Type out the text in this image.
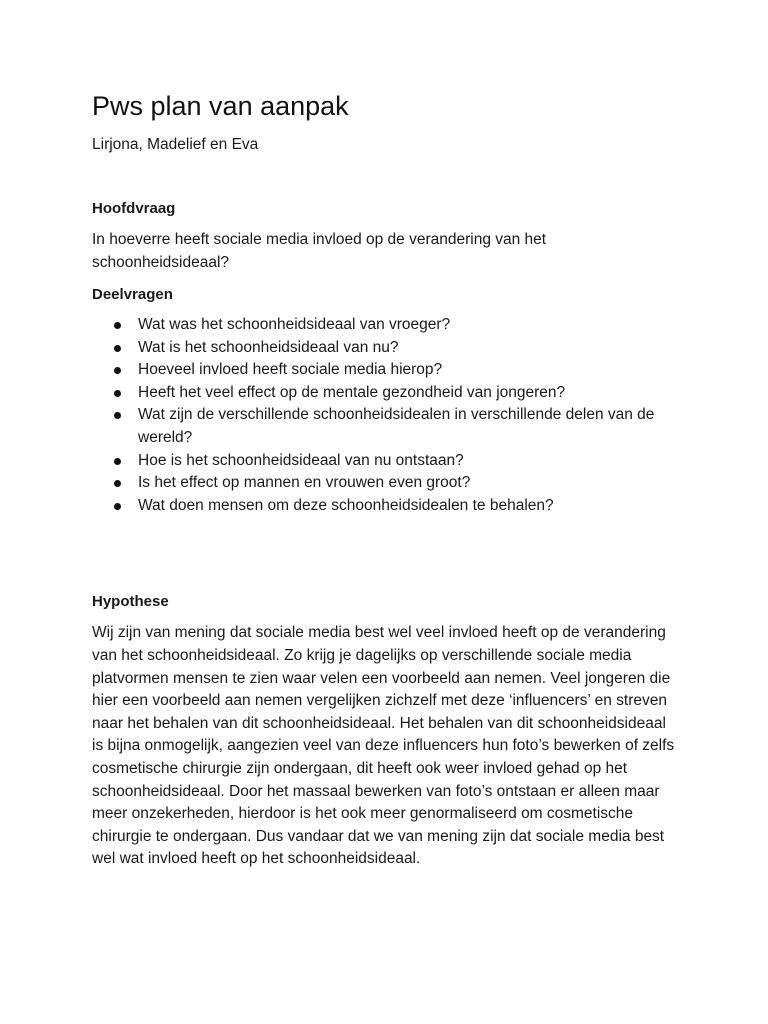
Pws plan van aanpak

Lirjona, Madelief en Eva

Hoofdvraag

In hoeverre heeft sociale media invloed op de verandering van het schoonheidsideaal?

Deelvragen
Wat was het schoonheidsideaal van vroeger?
Wat is het schoonheidsideaal van nu?
Hoeveel invloed heeft sociale media hierop?
Heeft het veel effect op de mentale gezondheid van jongeren?
Wat zijn de verschillende schoonheidsidealen in verschillende delen van de wereld?
Hoe is het schoonheidsideaal van nu ontstaan?
Is het effect op mannen en vrouwen even groot?
Wat doen mensen om deze schoonheidsidealen te behalen?
Hypothese

Wij zijn van mening dat sociale media best wel veel invloed heeft op de verandering van het schoonheidsideaal. Zo krijg je dagelijks op verschillende sociale media platvormen mensen te zien waar velen een voorbeeld aan nemen. Veel jongeren die hier een voorbeeld aan nemen vergelijken zichzelf met deze ‘influencers’ en streven naar het behalen van dit schoonheidsideaal. Het behalen van dit schoonheidsideaal is bijna onmogelijk, aangezien veel van deze influencers hun foto’s bewerken of zelfs cosmetische chirurgie zijn ondergaan, dit heeft ook weer invloed gehad op het schoonheidsideaal. Door het massaal bewerken van foto’s ontstaan er alleen maar meer onzekerheden, hierdoor is het ook meer genormaliseerd om cosmetische chirurgie te ondergaan. Dus vandaar dat we van mening zijn dat sociale media best wel wat invloed heeft op het schoonheidsideaal.
